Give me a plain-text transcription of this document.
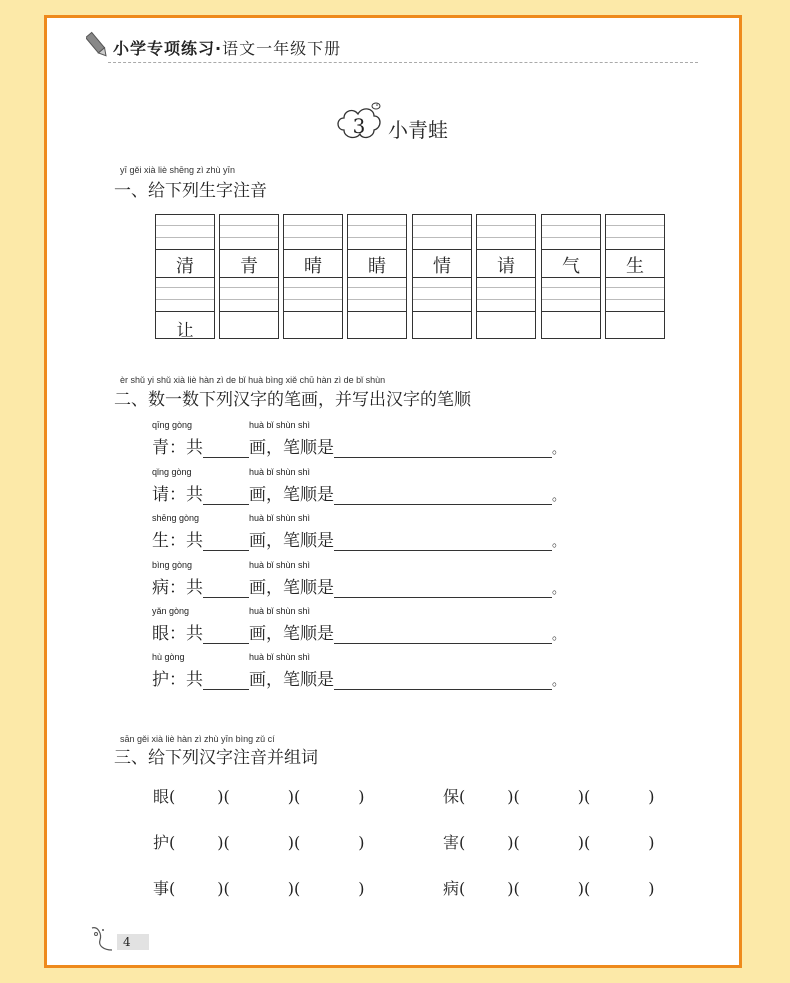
小学专项练习·语文一年级下册
3 小青蛙
yī gěi xià liè shēng zì zhù yīn
一、给下列生字注音
清
让
青	晴	睛	情	请	气	生
èr shǔ yi shǔ xià liè hàn zì de bǐ huà bìng xiě chū hàn zì de bǐ shùn
二、数一数下列汉字的笔画，并写出汉字的笔顺
qīng gòng	huà bǐ shùn shì
青：共	画，笔顺是	。
qǐng gòng	huà bǐ shùn shì
请：共	画，笔顺是	。
shēng gòng	huà bǐ shùn shì
生：共	画，笔顺是	。
bìng gòng	huà bǐ shùn shì
病：共	画，笔顺是	。
yǎn gòng	huà bǐ shùn shì
眼：共	画，笔顺是	。
hù gòng	huà bǐ shùn shì
护：共	画，笔顺是	。
sān gěi xià liè hàn zì zhù yīn bìng zǔ cí
三、给下列汉字注音并组词
眼(	)(	)(	)
护(	)(	)(	)
事(	)(	)(	)
保(	)(	)(	)
害(	)(	)(	)
病(	)(	)(	)
4
